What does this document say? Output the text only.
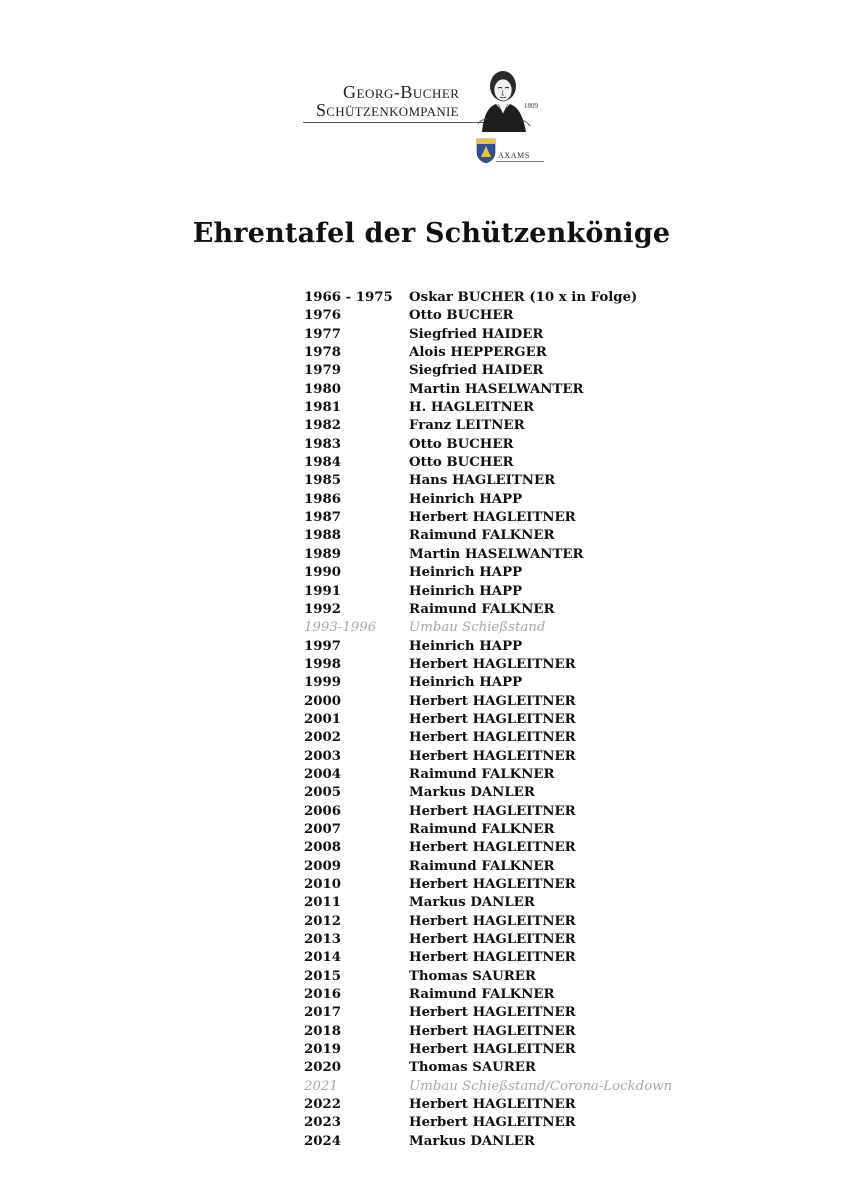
Georg-Bucher
Schützenkompanie	1809
AXAMS
Ehrentafel der Schützenkönige
1966 - 1975 Oskar BUCHER (10 x in Folge)
1976	Otto BUCHER
1977	Siegfried HAIDER
1978	Alois HEPPERGER
1979	Siegfried HAIDER
1980	Martin HASELWANTER
1981	H. HAGLEITNER
1982	Franz LEITNER
1983	Otto BUCHER
1984	Otto BUCHER
1985	Hans HAGLEITNER
1986	Heinrich HAPP
1987	Herbert HAGLEITNER
1988	Raimund FALKNER
1989	Martin HASELWANTER
1990	Heinrich HAPP
1991	Heinrich HAPP
1992	Raimund FALKNER
1993-1996 Umbau Schießstand
1997	Heinrich HAPP
1998	Herbert HAGLEITNER
1999	Heinrich HAPP
2000	Herbert HAGLEITNER
2001	Herbert HAGLEITNER
2002	Herbert HAGLEITNER
2003	Herbert HAGLEITNER
2004	Raimund FALKNER
2005	Markus DANLER
2006	Herbert HAGLEITNER
2007	Raimund FALKNER
2008	Herbert HAGLEITNER
2009	Raimund FALKNER
2010	Herbert HAGLEITNER
2011	Markus DANLER
2012	Herbert HAGLEITNER
2013	Herbert HAGLEITNER
2014	Herbert HAGLEITNER
2015	Thomas SAURER
2016	Raimund FALKNER
2017	Herbert HAGLEITNER
2018	Herbert HAGLEITNER
2019	Herbert HAGLEITNER
2020	Thomas SAURER
2021	Umbau Schießstand/Corona-Lockdown
2022	Herbert HAGLEITNER
2023	Herbert HAGLEITNER
2024	Markus DANLER
